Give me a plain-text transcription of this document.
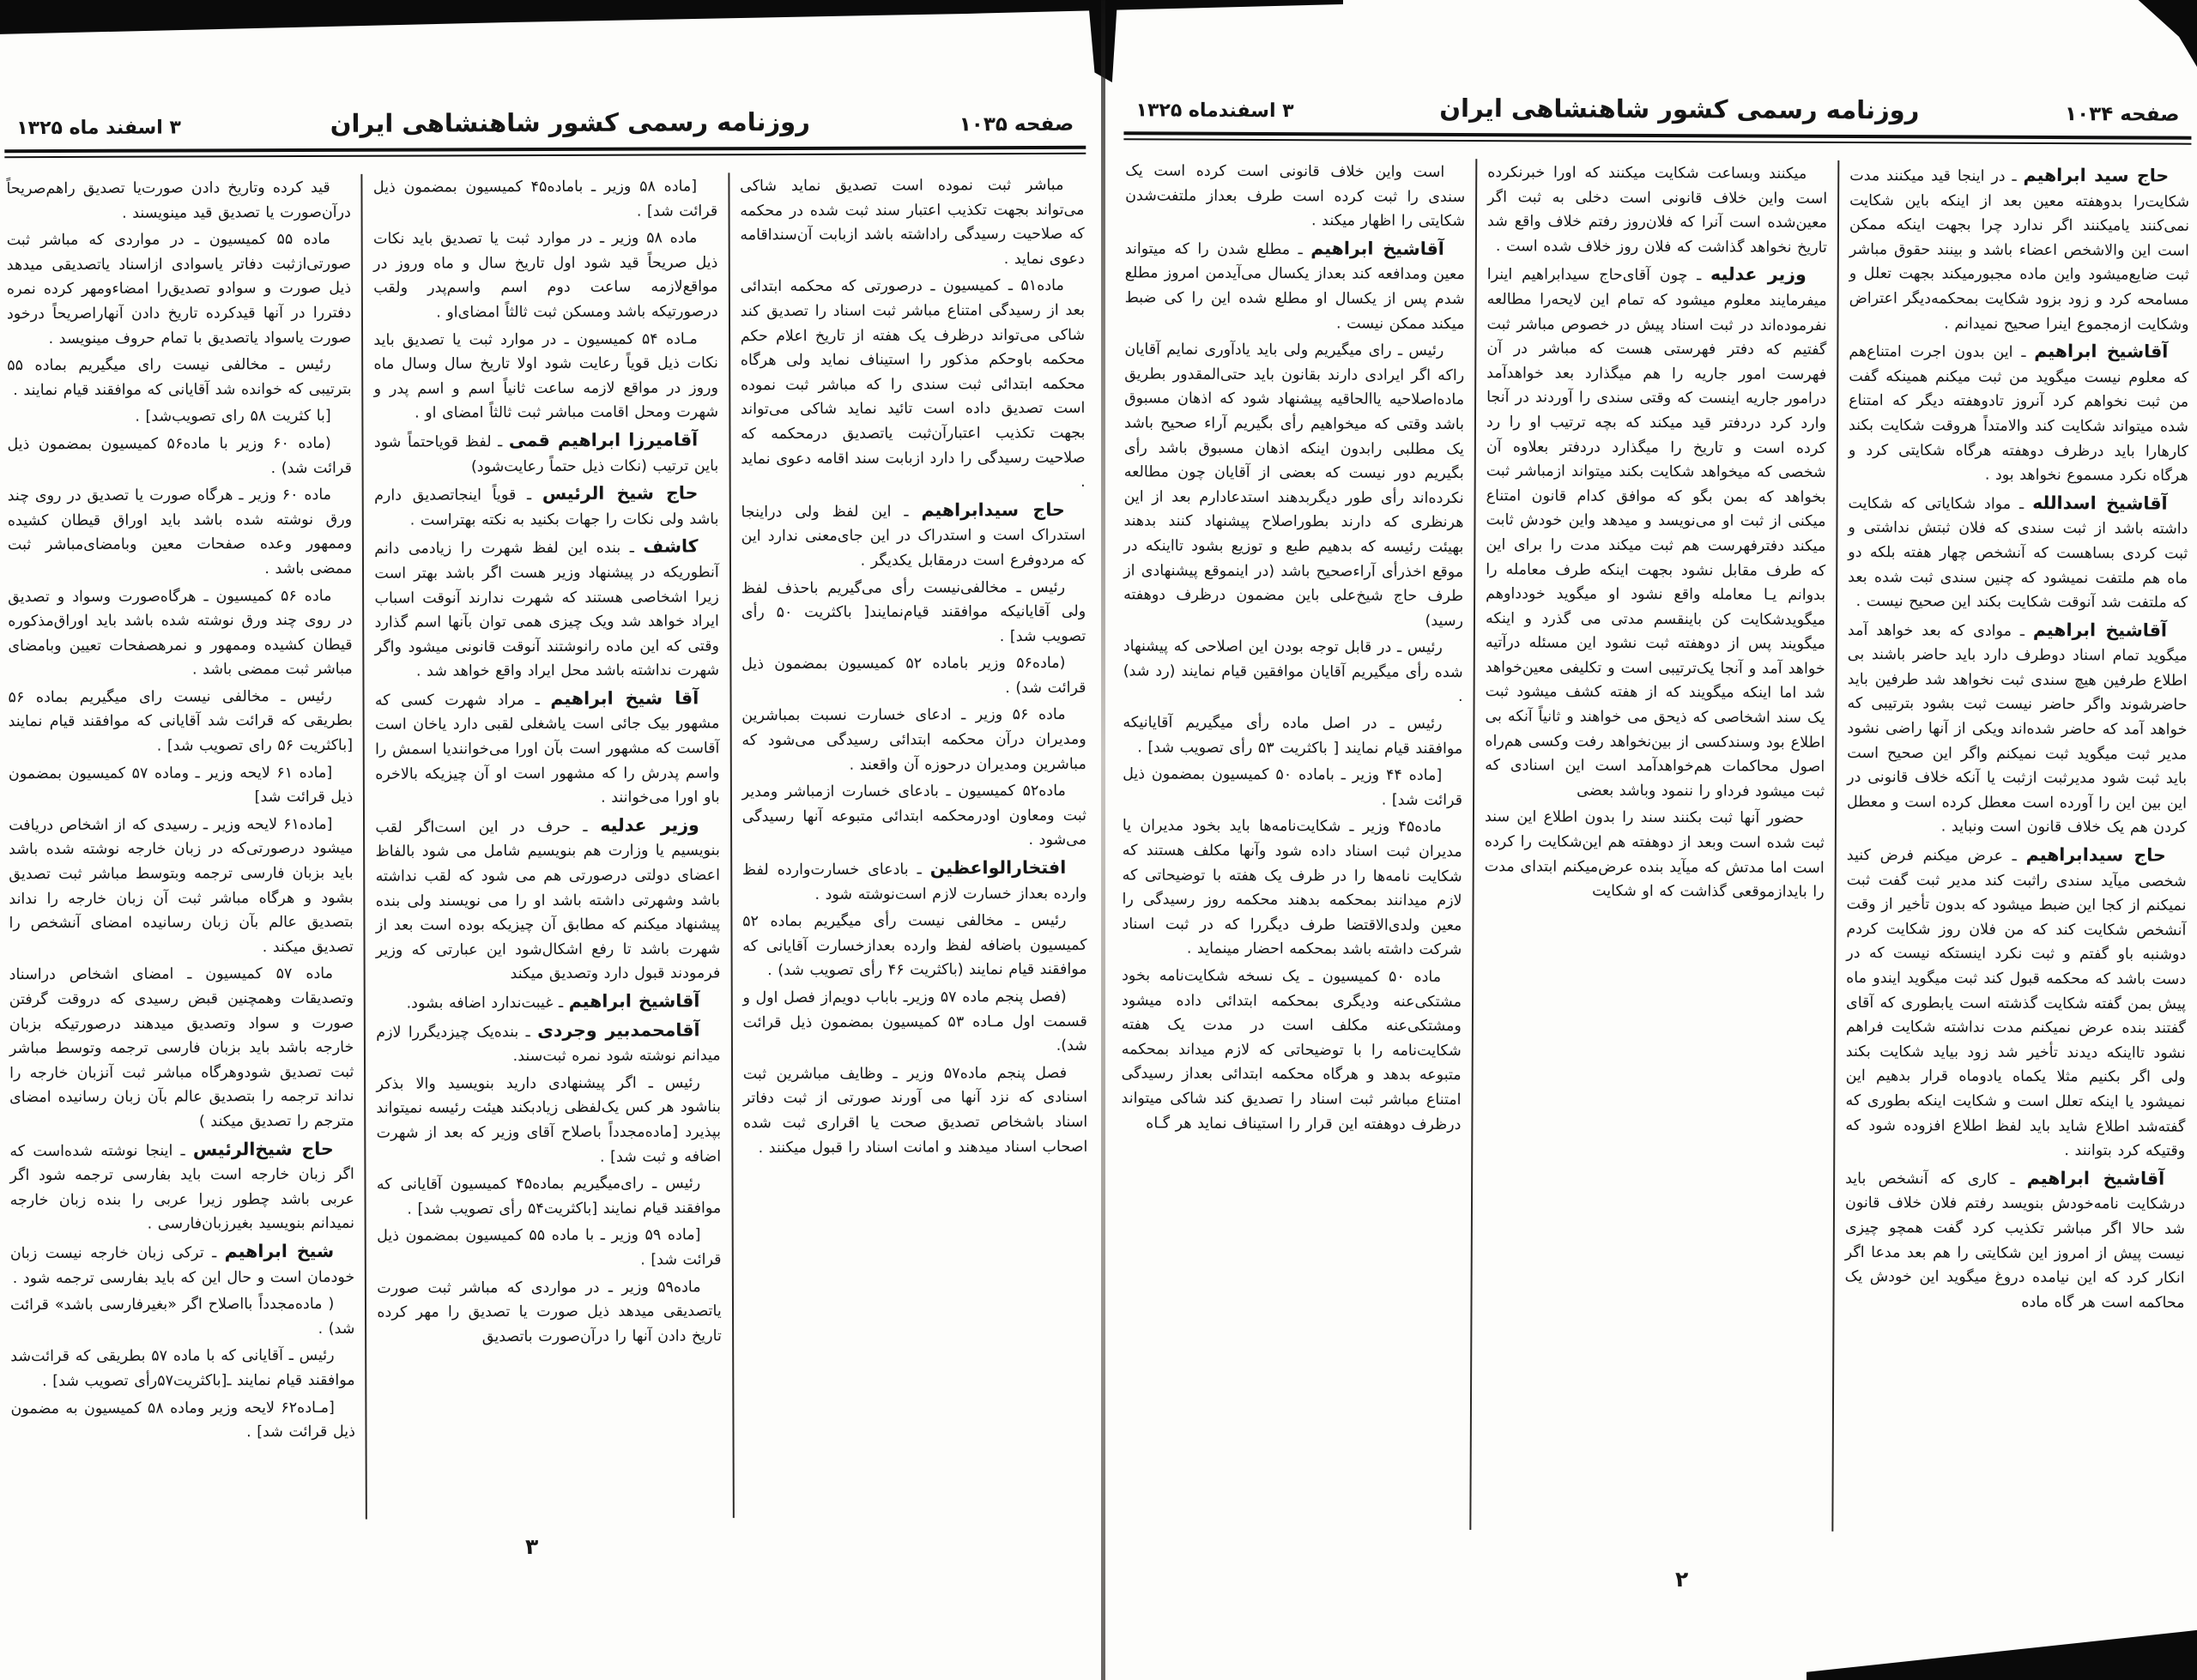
صفحه ۱۰۳۴
روزنامه رسمی کشور شاهنشاهی ایران
۳ اسفندماه ۱۳۲۵

حاج سید ابراهیم ـ در اینجا قید میکنند مدت شکایت‌را بدوهفته معین بعد از اینکه باین شکایت نمی‌کنند یامیکنند اگر ندارد چرا بجهت اینکه ممکن است این والاشخص اعضاء باشد و بینند حقوق مباشر ثبت ضایع‌میشود واین ماده مجبورمیکند بجهت تعلل و مسامحه کرد و زود بزود شکایت بمحکمه‌دیگر اعتراض وشکایت ازمجموع اینرا صحیح نمیدانم .

آقاشیخ ابراهیم ـ این بدون اجرت امتناع‌هم که معلوم نیست میگوید من ثبت میکنم همینکه گفت من ثبت نخواهم کرد آنروز تادوهفته دیگر که امتناع شده میتواند شکایت کند والامتداً هروقت شکایت بکند کارهارا باید درظرف دوهفته هرگاه شکایتی کرد و هرگاه نکرد مسموع نخواهد بود .

آقاشیخ اسدالله ـ مواد شکایاتی که شکایت داشته باشد از ثبت سندی که فلان ثبتش نداشتی و ثبت کردی بساهست که آنشخص چهار هفته بلکه دو ماه هم ملتفت نمیشود که چنین سندی ثبت شده بعد که ملتفت شد آنوقت شکایت بکند این صحیح نیست .

آقاشیخ ابراهیم ـ موادی که بعد خواهد آمد میگوید تمام اسناد دوطرف دارد باید حاضر باشند بی اطلاع طرفین هیچ سندی ثبت نخواهد شد طرفین باید حاضرشوند واگر حاضر نیست ثبت بشود بترتیبی که خواهد آمد که حاضر شده‌اند ویکی از آنها راضی نشود مدیر ثبت میگوید ثبت نمیکنم واگر این صحیح است باید ثبت شود مدیرثبت ازثبت یا آنکه خلاف قانونی در این بین این را آورده است معطل کرده است و معطل کردن هم یک خلاف قانون است ونباید .

حاج سیدابراهیم ـ عرض میکنم فرض کنید شخصی میآید سندی راثبت کند مدیر ثبت گفت ثبت نمیکنم از کجا این ضبط میشود که بدون تأخیر از وقت آنشخص شکایت کند که من فلان روز شکایت کردم دوشنبه باو گفتم و ثبت نکرد اینستکه نیست که در دست باشد که محکمه قبول کند ثبت میگوید ایندو ماه پیش بمن گفته شکایت گذشته است یابطوری که آقای گفتند بنده عرض نمیکنم مدت نداشته شکایت فراهم نشود تااینکه دیدند تأخیر شد زود بیاید شکایت بکند ولی اگر بکنیم مثلا یکماه یادوماه قرار بدهیم این نمیشود یا اینکه تعلل است و شکایت اینکه بطوری که گفته‌شد اطلاع شاید باید لفظ اطلاع افزوده شود که وقتیکه کرد بتوانند .

آقاشیخ ابراهیم ـ کاری که آنشخص باید درشکایت نامه‌خودش بنویسد رفتم فلان خلاف قانون شد حالا اگر مباشر تکذیب کرد گفت همچو چیزی نیست پیش از امروز این شکایتی را هم بعد مدعا اگر انکار کرد که این نیامده دروغ میگوید این خودش یک محاکمه است هر گاه ماده

میکنند وبساعت شکایت میکنند که اورا خبرنکرده است واین خلاف قانونی است دخلی به ثبت اگر معین‌شده است آنرا که فلان‌روز رفتم خلاف واقع شد تاریخ نخواهد گذاشت که فلان روز خلاف شده است .

وزیر عدلیه ـ چون آقای‌حاج سیدابراهیم اینرا میفرمایند معلوم میشود که تمام این لایحه‌را مطالعه نفرموده‌اند در ثبت اسناد پیش در خصوص مباشر ثبت گفتیم که دفتر فهرستی هست که مباشر در آن فهرست امور جاریه را هم میگذارد بعد خواهدآمد درامور جاریه اینست که وقتی سندی را آوردند در آنجا وارد کرد دردفتر قید میکند که بچه ترتیب او را رد کرده است و تاریخ را میگذارد دردفتر بعلاوه آن شخصی که میخواهد شکایت بکند میتواند ازمباشر ثبت بخواهد که بمن بگو که موافق کدام قانون امتناع میکنی از ثبت او می‌نویسد و میدهد واین خودش ثابت میکند دفترفهرست هم ثبت میکند مدت را برای این که طرف مقابل نشود بجهت اینکه طرف معامله را بدوانم یـا معامله واقع نشود او میگوید خودداوهم میگویدشکایت کن باینقسم مدتی می گذرد و اینکه میگویند پس از دوهفته ثبت نشود این مسئله درآتیه خواهد آمد و آنجا یک‌ترتیبی است و تکلیفی معین‌خواهد شد اما اینکه میگویند که از هفته کشف میشود ثبت یک سند اشخاصی که ذیحق می خواهند و ثانیاً آنکه بی اطلاع بود وسندکسی از بین‌نخواهد رفت وکسی هم‌راه اصول محاکمات هم‌خواهدآمد است این اسنادی که ثبت میشود فرداو را ننمود وباشد بعضی

حضور آنها ثبت بکنند سند را بدون اطلاع این سند ثبت شده است وبعد از دوهفته هم این‌شکایت را کرده است اما مدتش که میآید بنده عرض‌میکنم ابتدای مدت را بایدازموقعی گذاشت که او شکایت

است واین خلاف قانونی است کرده است یک سندی را ثبت کرده است طرف بعداز ملتفت‌شدن شکایتی را اظهار میکند .

آقاشیخ ابراهیم ـ مطلع شدن را که میتواند معین ومدافعه کند بعداز یکسال می‌آیدمن امروز مطلع شدم پس از یکسال او مطلع شده این را کی ضبط میکند ممکن نیست .

رئیس ـ رای میگیریم ولی باید یادآوری نمایم آقایان راکه اگر ایرادی دارند بقانون باید حتی‌المقدور بطریق ماده‌اصلاحیه یاالحاقیه پیشنهاد شود که اذهان مسبوق باشد وقتی که میخواهیم رأی بگیریم آراء صحیح باشد یک مطلبی رابدون اینکه اذهان مسبوق باشد رأی بگیریم دور نیست که بعضی از آقایان چون مطالعه نکرده‌اند رأی طور دیگربدهند استدعادارم بعد از این هرنظری که دارند بطوراصلاح پیشنهاد کنند بدهند بهیئت رئیسه که بدهیم طبع و توزیع بشود تااینکه در موقع اخذرأی آراءصحیح باشد (در اینموقع پیشنهادی از طرف حاج شیخ‌علی باین مضمون درظرف دوهفته رسید)

رئیس ـ در قابل توجه بودن این اصلاحی که پیشنهاد شده رأی میگیریم آقایان موافقین قیام نمایند (رد شد) .

رئیس ـ در اصل ماده رأی میگیریم آقایانیکه موافقند قیام نمایند [ باکثریت ۵۳ رأی تصویب شد] .

[ماده ۴۴ وزیر ـ باماده ۵۰ کمیسیون بمضمون ذیل قرائت شد] .

ماده۴۵ وزیر ـ شکایت‌نامه‌ها باید بخود مدیران یا مدیران ثبت اسناد داده شود وآنها مکلف هستند که شکایت نامه‌ها را در ظرف یک هفته با توضیحاتی که لازم میدانند بمحکمه بدهند محکمه روز رسیدگی را معین ولدی‌الاقتضا طرف دیگررا که در ثبت اسناد شرکت داشته باشد بمحکمه احضار مینماید .

ماده ۵۰ کمیسیون ـ یک نسخه شکایت‌نامه بخود مشتکی‌عنه ودیگری بمحکمه ابتدائی داده میشود ومشتکی‌عنه مکلف است در مدت یک هفته شکایت‌نامه را با توضیحاتی که لازم میداند بمحکمه متبوعه بدهد و هرگاه محکمه ابتدائی بعداز رسیدگی امتناع مباشر ثبت اسناد را تصدیق کند شاکی میتواند درظرف دوهفته این قرار را استیناف نماید هر گـاه

صفحه ۱۰۳۵
روزنامه رسمی کشور شاهنشاهی ایران
۳ اسفند ماه ۱۳۲۵

مباشر ثبت نموده است تصدیق نماید شاکی می‌تواند بجهت تکذیب اعتبار سند ثبت شده در محکمه که صلاحیت رسیدگی راداشته باشد ازبابت آن‌سنداقامه دعوی نماید .

ماده۵۱ ـ کمیسیون ـ درصورتی که محکمه ابتدائی بعد از رسیدگی امتناع مباشر ثبت اسناد را تصدیق کند شاکی می‌تواند درظرف یک هفته از تاریخ اعلام حکم محکمه باوحکم مذکور را استیناف نماید ولی هرگاه محکمه ابتدائی ثبت سندی را که مباشر ثبت نموده است تصدیق داده است تائید نماید شاکی می‌تواند بجهت تکذیب اعتبارآن‌ثبت یاتصدیق درمحکمه که صلاحیت رسیدگی را دارد ازبابت سند اقامه دعوی نماید .

حاج سیدابراهیم ـ این لفظ ولی دراینجا استدراک است و استدراک در این جای‌معنی ندارد این که مردوفرع است درمقابل یکدیگر .

رئیس ـ مخالفی‌نیست رأی می‌گیریم باحذف لفظ ولی آقایانیکه موافقند قیام‌نمایند[ باکثریت ۵۰ رأی تصویب شد] .

(ماده۵۶ وزیر باماده ۵۲ کمیسیون بمضمون ذیل قرائت شد) .

ماده ۵۶ وزیر ـ ادعای خسارت نسبت بمباشرین ومدیران درآن محکمه ابتدائی رسیدگی می‌شود که مباشرین ومدیران درحوزه آن واقعند .

ماده۵۲ کمیسیون ـ بادعای خسارت ازمباشر ومدیر ثبت ومعاون اودرمحکمه ابتدائی متبوعه آنها رسیدگی می‌شود .

افتخارالواعظین ـ بادعای خسارت‌وارده لفظ وارده بعداز خسارت لازم است‌نوشته شود .

رئیس ـ مخالفی نیست رأی میگیریم بماده ۵۲ کمیسیون باضافه لفظ وارده بعدازخسارت آقایانی که موافقند قیام نمایند (باکثریت ۴۶ رأی تصویب شد) .

(فصل پنجم ماده ۵۷ وزیرـ باباب دویم‌از فصل اول و قسمت اول مـاده ۵۳ کمیسیون بمضمون ذیل قرائت شد).

فصل پنجم ماده۵۷ وزیر ـ وظایف مباشرین ثبت اسنادی که نزد آنها می آورند صورتی از ثبت دفاتر اسناد باشخاص تصدیق صحت یا اقراری ثبت شده اصحاب اسناد میدهند و امانت اسناد را قبول میکنند .

[ماده ۵۸ وزیر ـ باماده۴۵ کمیسیون بمضمون ذیل قرائت شد] .

ماده ۵۸ وزیر ـ در موارد ثبت یا تصدیق باید نکات ذیل صریحاً قید شود اول تاریخ سال و ماه وروز در مواقع‌لازمه ساعت دوم اسم واسم‌پدر ولقب درصورتیکه باشد ومسکن ثبت ثالثاً امضای‌او .

مـاده ۵۴ کمیسیون ـ در موارد ثبت یا تصدیق باید نکات ذیل قویاً رعایت شود اولا تاریخ سال وسال ماه وروز در مواقع لازمه ساعت ثانیاً اسم و اسم پدر و شهرت ومحل اقامت مباشر ثبت ثالثاً امضای او .

آقامیرزا ابراهیم قمی ـ لفظ قویاحتماً شود باین ترتیب (نکات ذیل حتماً رعایت‌شود)

حاج شیخ الرئیس ـ قویاً اینجاتصدیق دارم باشد ولی نکات را جهات بکنید به نکته بهتراست .

کاشف ـ بنده این لفظ شهرت را زیادمی دانم آنطوریکه در پیشنهاد وزیر هست اگر باشد بهتر است زیرا اشخاصی هستند که شهرت ندارند آنوقت اسباب ایراد خواهد شد ویک چیزی همی توان بآنها اسم گذارد وقتی که این ماده رانوشتند آنوقت قانونی میشود واگر شهرت نداشته باشد محل ایراد واقع خواهد شد .

آقا شیخ ابراهیم ـ مراد شهرت کسی که مشهور بیک جائی است یاشغلی لقبی دارد یاخان است آقاست که مشهور است بآن اورا می‌خوانندیا اسمش را واسم پدرش را که مشهور است او آن چیزیکه بالاخره باو اورا می‌خوانند .

وزیر عدلیه ـ حرف در این است‌اگر لقب بنویسیم یا وزارت هم بنویسیم شامل می شود بالفاظ اعضای دولتی درصورتی هم می شود که لقب نداشته باشد وشهرتی داشته باشد او را می نویسند ولی بنده پیشنهاد میکنم که مطابق آن چیزیکه بوده است بعد از شهرت باشد تا رفع اشکال‌شود این عبارتی که وزیر فرمودند قبول دارد وتصدیق میکند

آقاشیخ ابراهیم ـ غیبت‌ندارد اضافه بشود.

آقامحمدبیر وجردی ـ بنده‌یک چیزدیگررا لازم میدانم نوشته شود نمره ثبت‌سند.

رئیس ـ اگر پیشنهادی دارید بنویسید والا بذکر بناشود هر کس یک‌لفظی زیادبکند هیئت رئیسه نمیتواند بپذیرد [ماده‌مجدداً باصلاح آقای وزیر که بعد از شهرت اضافه و ثبت شد] .

رئیس ـ رای‌میگیریم بماده۴۵ کمیسیون آقایانی که موافقند قیام نمایند [باکثریت۵۴ رأی تصویب شد] .

[ماده ۵۹ وزیر ـ با ماده ۵۵ کمیسیون بمضمون ذیل قرائت شد] .

ماده۵۹ وزیر ـ در مواردی که مباشر ثبت صورت یاتصدیقی میدهد ذیل صورت یا تصدیق را مهر کرده تاریخ دادن آنها را درآن‌صورت باتصدیق

قید کرده وتاریخ دادن صورت‌یا تصدیق راهم‌صریحاً درآن‌صورت یا تصدیق قید مینویسند .

ماده ۵۵ کمیسیون ـ در مواردی که مباشر ثبت صورتی‌ازثبت دفاتر یاسوادی ازاسناد یاتصدیقی میدهد ذیل صورت و سوادو تصدیق‌را امضاءومهر کرده نمره دفتررا در آنها قیدکرده تاریخ دادن آنهاراصریحاً درخود صورت یاسواد یاتصدیق با تمام حروف مینویسد .

رئیس ـ مخالفی نیست رای میگیریم بماده ۵۵ بترتیبی که خوانده شد آقایانی که موافقند قیام نمایند .

[با کثریت ۵۸ رای تصویب‌شد] .

(ماده ۶۰ وزیر با ماده۵۶ کمیسیون بمضمون ذیل قرائت شد) .

ماده ۶۰ وزیر ـ هرگاه صورت یا تصدیق در روی چند ورق نوشته شده باشد باید اوراق قیطان کشیده وممهور وعده صفحات معین وبامضای‌مباشر ثبت ممضی باشد .

ماده ۵۶ کمیسیون ـ هرگاه‌صورت وسواد و تصدیق در روی چند ورق نوشته شده باشد باید اوراق‌مذکوره قیطان کشیده وممهور و نمرهصفحات تعیین وبامضای مباشر ثبت ممضی باشد .

رئیس ـ مخالفی نیست رای میگیریم بماده ۵۶ بطریقی که قرائت شد آقایانی که موافقند قیام نمایند [باکثریت ۵۶ رای تصویب شد] .

[ماده ۶۱ لایحه وزیر ـ وماده ۵۷ کمیسیون بمضمون ذیل قرائت شد]

[ماده۶۱ لایحه وزیر ـ رسیدی که از اشخاص دریافت میشود درصورتی‌که در زبان خارجه نوشته شده باشد باید بزبان فارسی ترجمه وبتوسط مباشر ثبت تصدیق بشود و هرگاه مباشر ثبت آن زبان خارجه را نداند بتصدیق عالم بآن زبان رسانیده امضای آنشخص را تصدیق میکند .

ماده ۵۷ کمیسیون ـ امضای اشخاص دراسناد وتصدیقات وهمچنین قبض رسیدی که دروقت گرفتن صورت و سواد وتصدیق میدهند درصورتیکه بزبان خارجه باشد باید بزبان فارسی ترجمه وتوسط مباشر ثبت تصدیق شودوهرگاه مباشر ثبت آنزبان خارجه را نداند ترجمه را بتصدیق عالم بآن زبان رسانیده امضای مترجم را تصدیق میکند )

حاج شیخ‌الرئیس ـ اینجا نوشته شده‌است که اگر زبان خارجه است باید بفارسی ترجمه شود اگر عربی باشد چطور زیرا عربی را بنده زبان خارجه نمیدانم بنویسید بغیرزبان‌فارسی .

شیخ ابراهیم ـ ترکی زبان خارجه نیست زبان خودمان است و حال این که باید بفارسی ترجمه شود .

( ماده‌مجدداً بااصلاح اگر «بغیرفارسی باشد» قرائت شد) .

رئیس ـ آقایانی که با ماده ۵۷ بطریقی که قرائت‌شد موافقند قیام نمایند ـ[باکثریت۵۷رأی تصویب شد] .

[مـاده۶۲ لایحه وزیر وماده ۵۸ کمیسیون به مضمون ذیل قرائت شد] .

۲
۳
